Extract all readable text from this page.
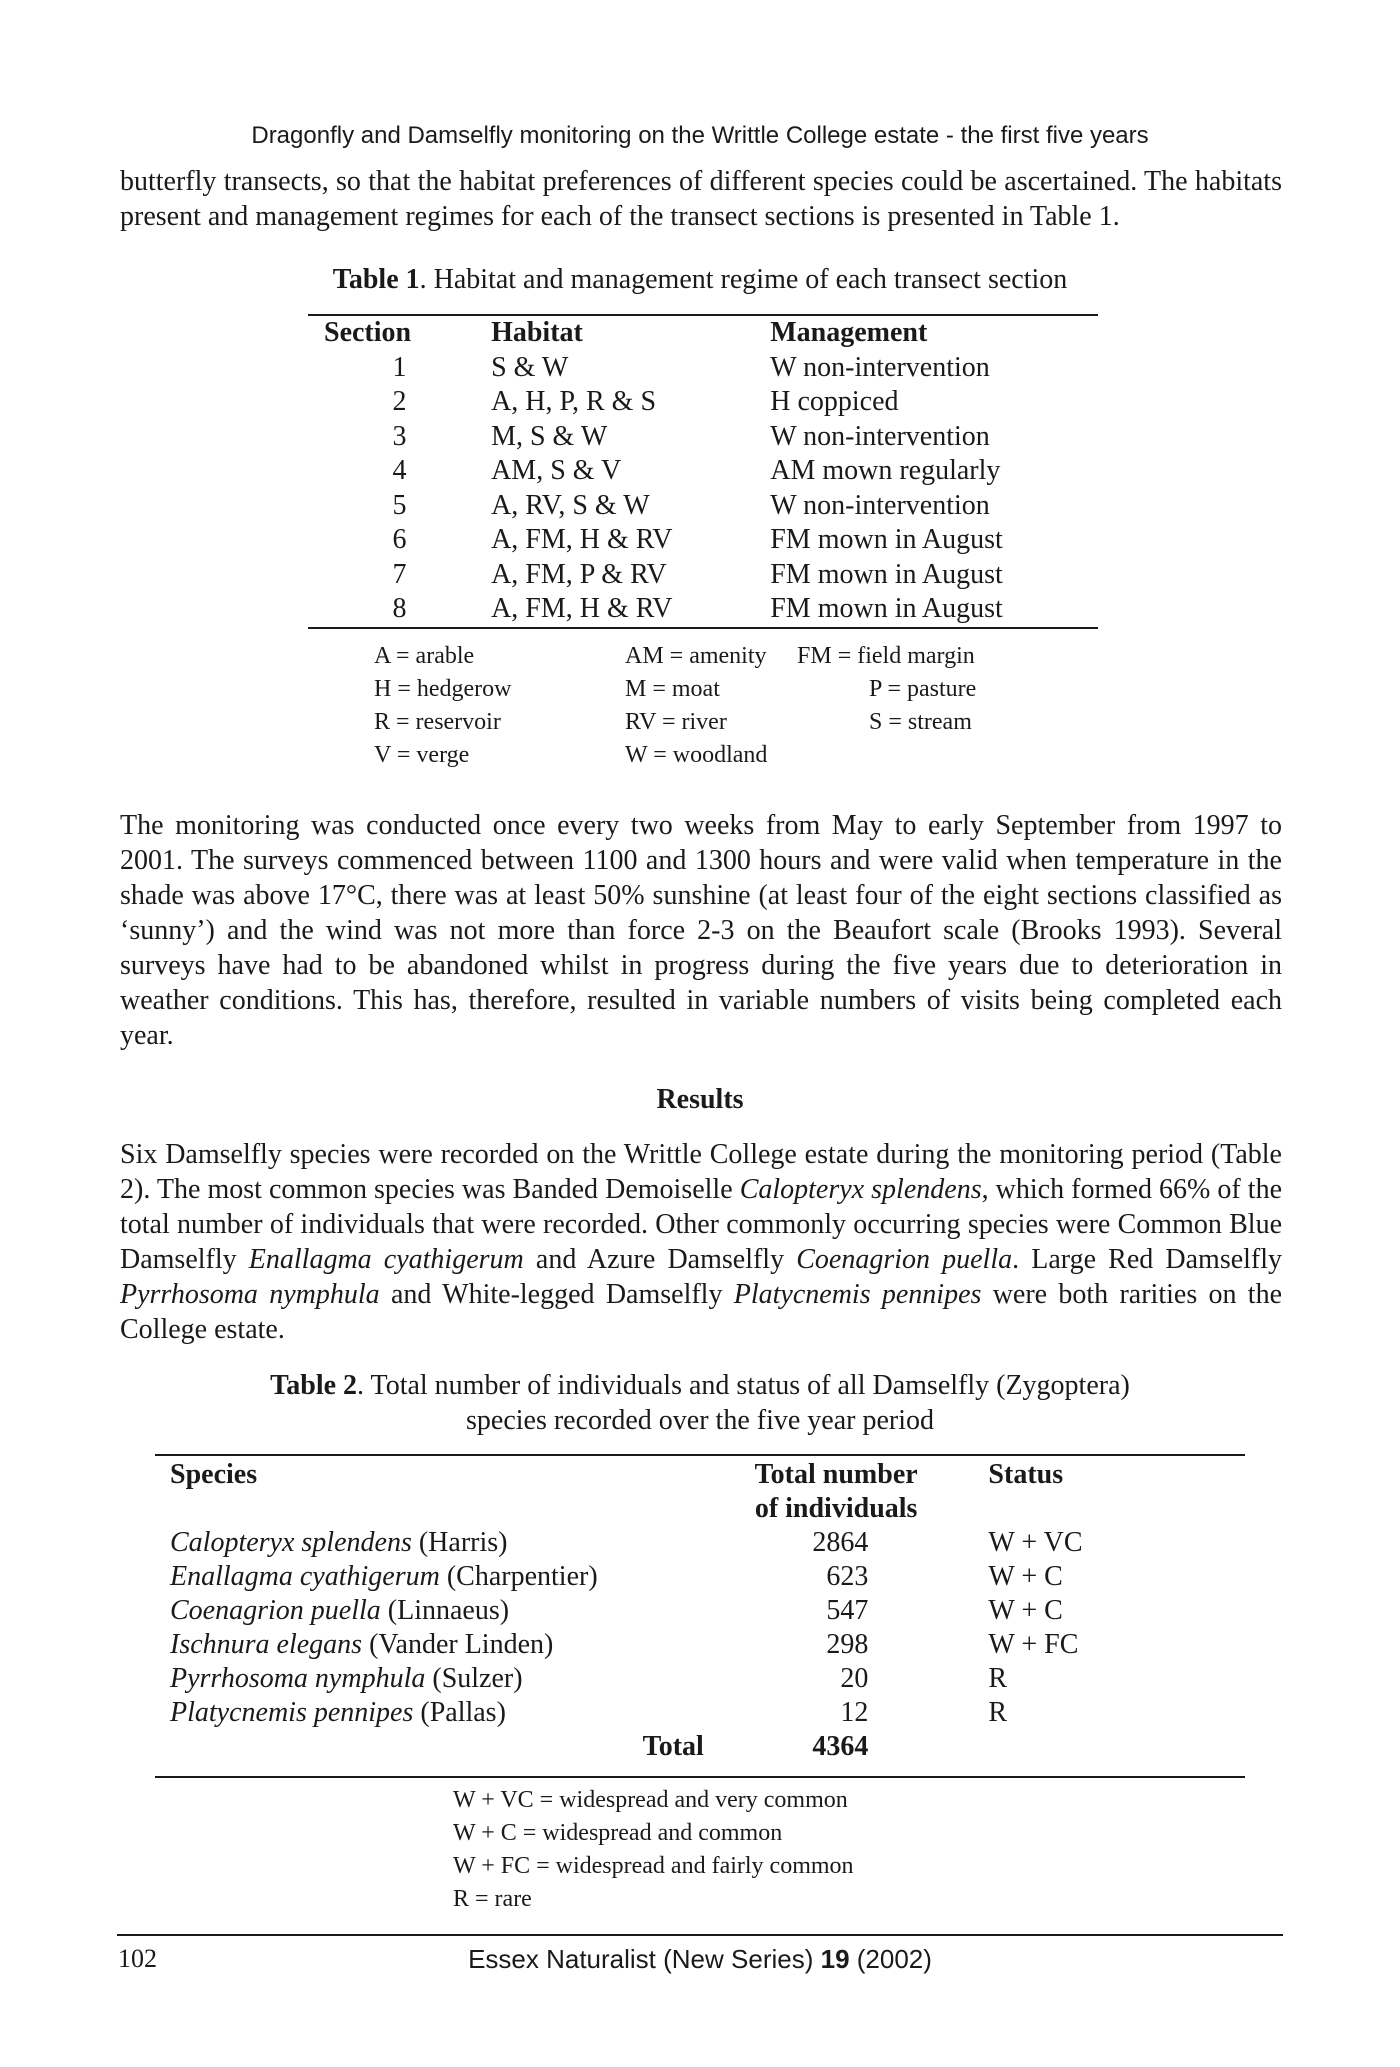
Dragonfly and Damselfly monitoring on the Writtle College estate - the first five years

butterfly transects, so that the habitat preferences of different species could be ascertained. The habitats present and management regimes for each of the transect sections is presented in Table 1.

Table 1. Habitat and management regime of each transect section
Section	Habitat	Management
1	S & W	W non-intervention
2	A, H, P, R & S	H coppiced
3	M, S & W	W non-intervention
4	AM, S & V	AM mown regularly
5	A, RV, S & W	W non-intervention
6	A, FM, H & RV	FM mown in August
7	A, FM, P & RV	FM mown in August
8	A, FM, H & RV	FM mown in August
A = arable	AM = amenity FM = field margin
H = hedgerow	M = moat	P = pasture
R = reservoir	RV = river	S = stream
V = verge	W = woodland

The monitoring was conducted once every two weeks from May to early September from 1997 to 2001. The surveys commenced between 1100 and 1300 hours and were valid when temperature in the shade was above 17°C, there was at least 50% sunshine (at least four of the eight sections classified as ‘sunny’) and the wind was not more than force 2-3 on the Beaufort scale (Brooks 1993). Several surveys have had to be abandoned whilst in progress during the five years due to deterioration in weather conditions. This has, therefore, resulted in variable numbers of visits being completed each year.

Results

Six Damselfly species were recorded on the Writtle College estate during the monitoring period (Table 2). The most common species was Banded Demoiselle Calopteryx splendens, which formed 66% of the total number of individuals that were recorded. Other commonly occurring species were Common Blue Damselfly Enallagma cyathigerum and Azure Damselfly Coenagrion puella. Large Red Damselfly Pyrrhosoma nymphula and White-legged Damselfly Platycnemis pennipes were both rarities on the College estate.

Table 2. Total number of individuals and status of all Damselfly (Zygoptera)
species recorded over the five year period
Species	Total number of individuals	Status
Calopteryx splendens (Harris)	2864	W + VC
Enallagma cyathigerum (Charpentier)	623	W + C
Coenagrion puella (Linnaeus)	547	W + C
Ischnura elegans (Vander Linden)	298	W + FC
Pyrrhosoma nymphula (Sulzer)	20	R
Platycnemis pennipes (Pallas)	12	R
Total	4364	
W + VC = widespread and very common
W + C = widespread and common
W + FC = widespread and fairly common
R = rare
102	Essex Naturalist (New Series) 19 (2002)
